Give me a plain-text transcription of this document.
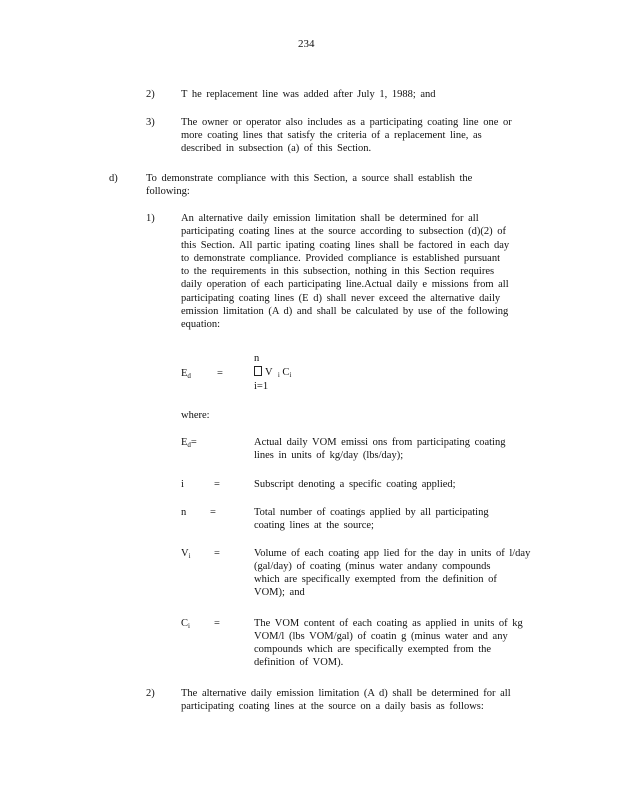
234
2)	T he replacement line was added after July 1, 1988; and
3)	The owner or operator also includes as a participating coating line one or
more coating lines that satisfy the criteria of a replacement line, as
described in subsection (a) of this Section.
d)	To demonstrate compliance with this Section, a source shall establish the
following:
1)	An alternative daily emission limitation shall be determined for all
participating coating lines at the source according to subsection (d)(2) of
this Section. All partic ipating coating lines shall be factored in each day
to demonstrate compliance. Provided compliance is established pursuant
to the requirements in this subsection, nothing in this Section requires
daily operation of each participating line.Actual daily e missions from all
participating coating lines (E d) shall never exceed the alternative daily
emission limitation (A d) and shall be calculated by use of the following
equation:
n
$E_d$ =	V $_i$ $C_i$
i=1
where:
$E_d=$	Actual daily VOM emissi ons from participating coating
lines in units of kg/day (lbs/day);
i	=	Subscript denoting a specific coating applied;
n =	Total number of coatings applied by all participating
coating lines at the source;
$V_i$ =	Volume of each coating app lied for the day in units of l/day
(gal/day) of coating (minus water andany compounds
which are specifically exempted from the definition of
VOM); and
$C_i$ =	The VOM content of each coating as applied in units of kg
VOM/l (lbs VOM/gal) of coatin g (minus water and any
compounds which are specifically exempted from the
definition of VOM).
2)	The alternative daily emission limitation (A d) shall be determined for all
participating coating lines at the source on a daily basis as follows:
